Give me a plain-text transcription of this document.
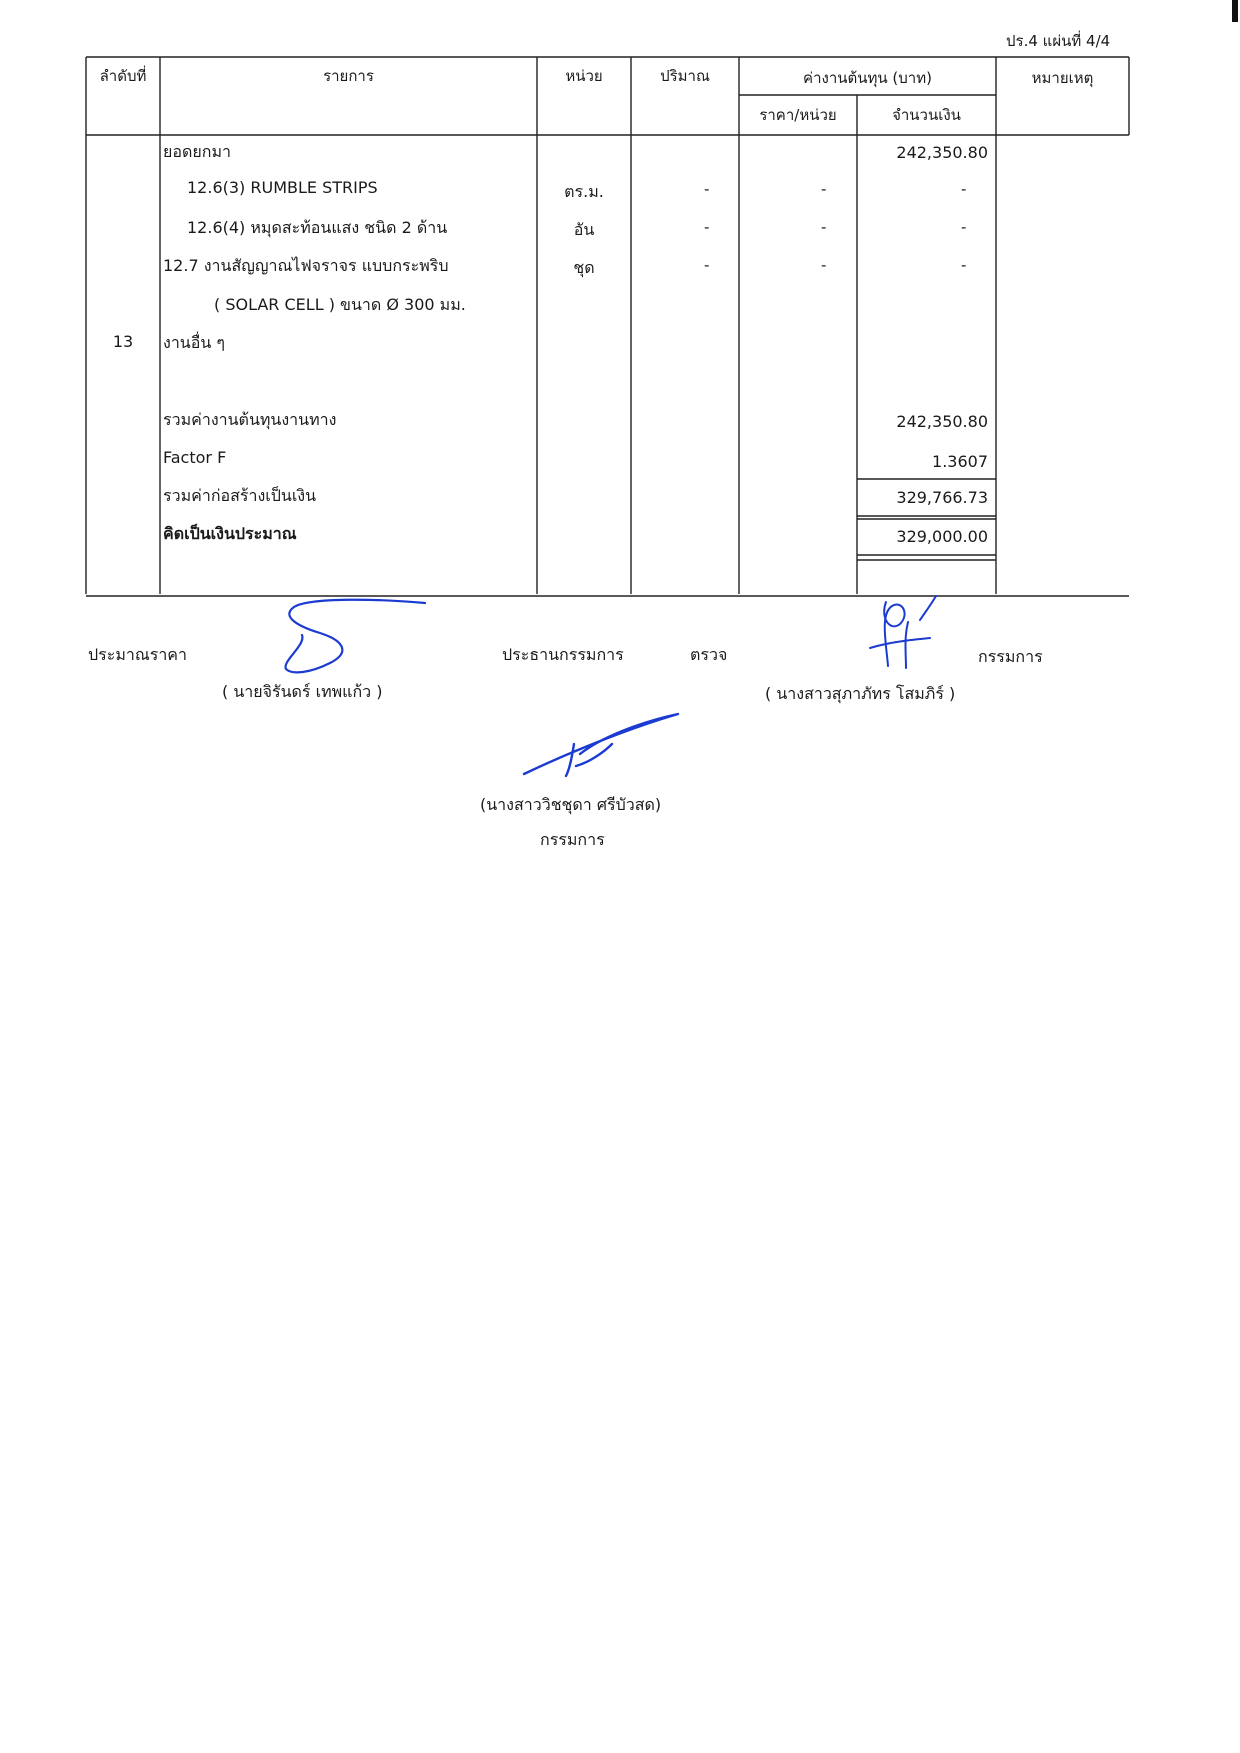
ปร.4 แผ่นที่ 4/4
ลำดับที่	รายการ	หน่วย	ปริมาณ	ค่างานต้นทุน (บาท)
ราคา/หน่วย	จำนวนเงิน
หมายเหตุ
ยอดยกมา	242,350.80
12.6(3) RUMBLE STRIPS	ตร.ม.	-	-	-
12.6(4) หมุดสะท้อนแสง ชนิด 2 ด้าน	อัน	-	-	-
12.7 งานสัญญาณไฟจราจร แบบกระพริบ	ชุด	-	-	-
( SOLAR CELL ) ขนาด Ø 300 มม.
13	งานอื่น ๆ
รวมค่างานต้นทุนงานทาง	242,350.80
Factor F	1.3607
รวมค่าก่อสร้างเป็นเงิน	329,766.73
คิดเป็นเงินประมาณ	329,000.00
ประมาณราคา
( นายจิรันดร์ เทพแก้ว )
ประธานกรรมการ	ตรวจ	กรรมการ
( นางสาวสุภาภัทร โสมภิร์ )
(นางสาววิชชุดา ศรีบัวสด)
กรรมการ
